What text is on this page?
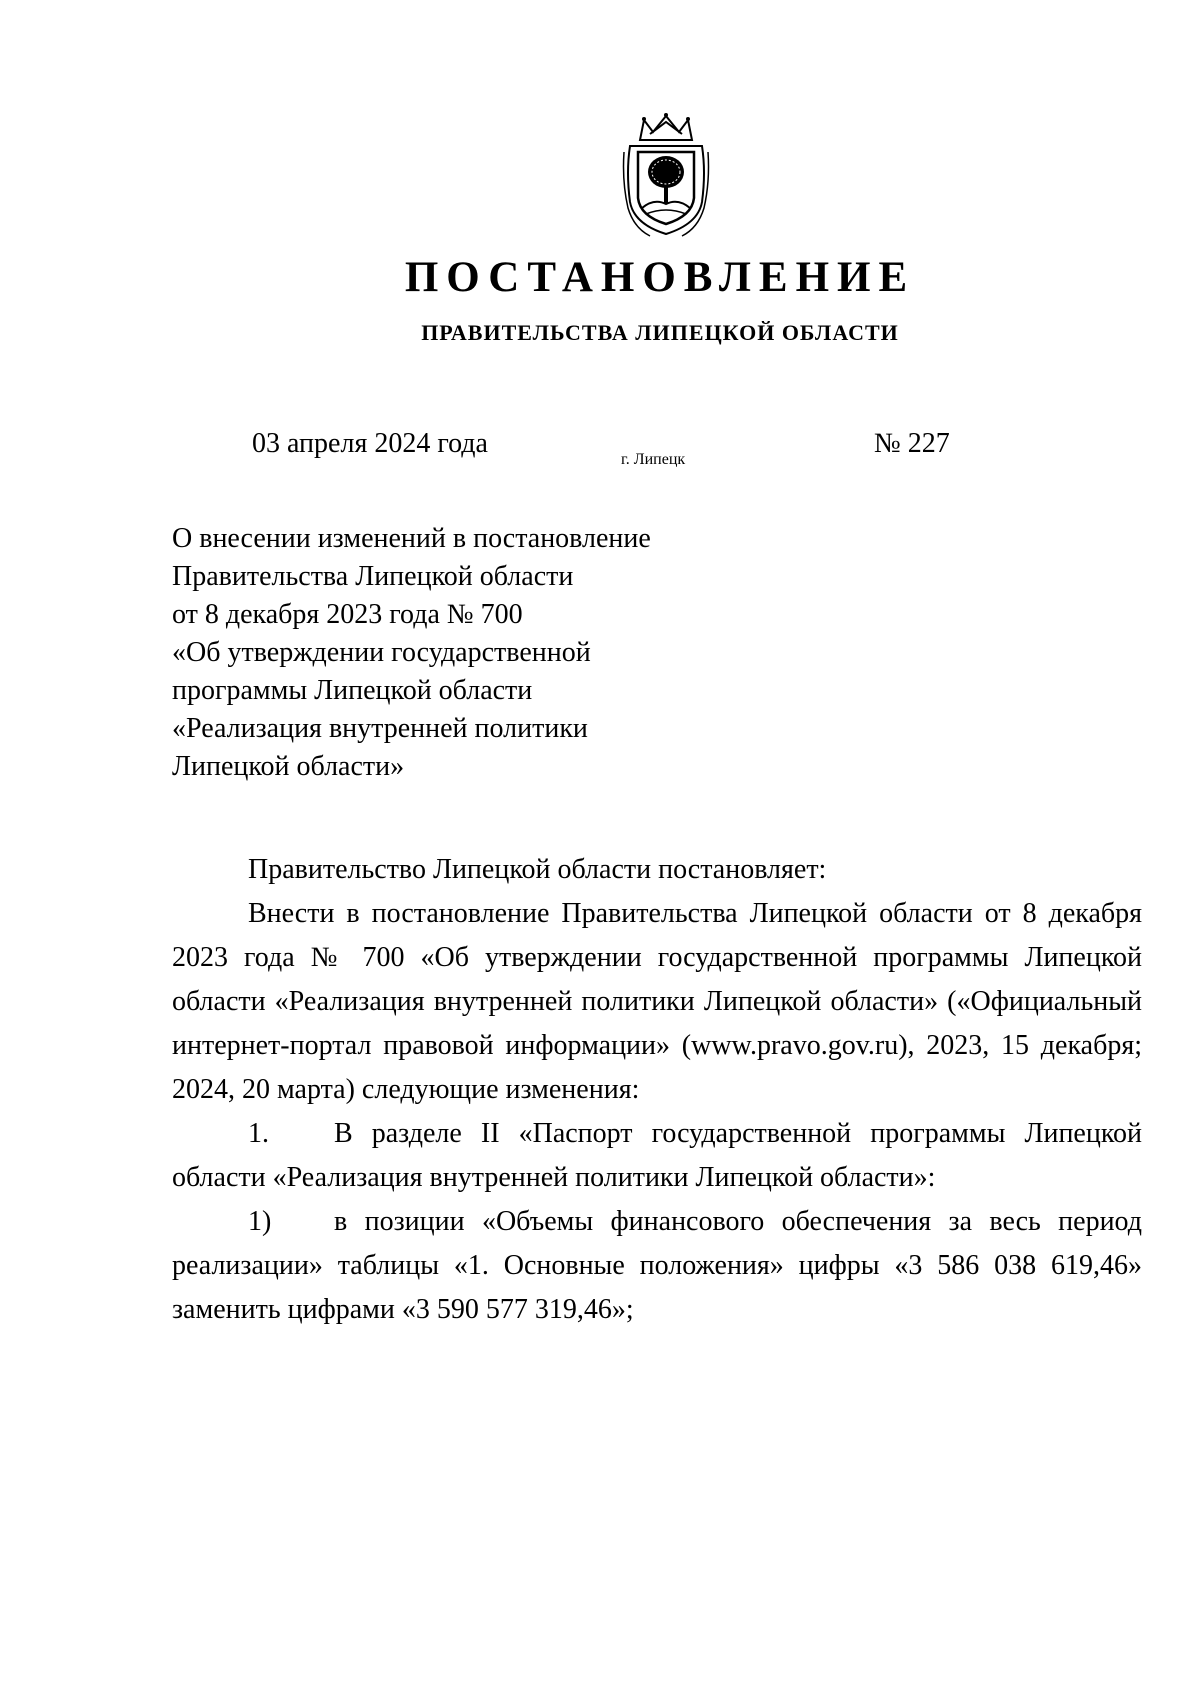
ПОСТАНОВЛЕНИЕ
ПРАВИТЕЛЬСТВА ЛИПЕЦКОЙ ОБЛАСТИ
03 апреля 2024 года
г. Липецк
№ 227
О внесении изменений в постановление
Правительства Липецкой области
от 8 декабря 2023 года № 700
«Об утверждении государственной
программы Липецкой области
«Реализация внутренней политики
Липецкой области»

Правительство Липецкой области постановляет:

Внести в постановление Правительства Липецкой области от 8 декабря 2023 года № 700 «Об утверждении государственной программы Липецкой области «Реализация внутренней политики Липецкой области» («Официальный интернет-портал правовой информации» (www.pravo.gov.ru), 2023, 15 декабря; 2024, 20 марта) следующие изменения:

1. В разделе II «Паспорт государственной программы Липецкой области «Реализация внутренней политики Липецкой области»:

1) в позиции «Объемы финансового обеспечения за весь период реализации» таблицы «1. Основные положения» цифры «3 586 038 619,46» заменить цифрами «3 590 577 319,46»;
